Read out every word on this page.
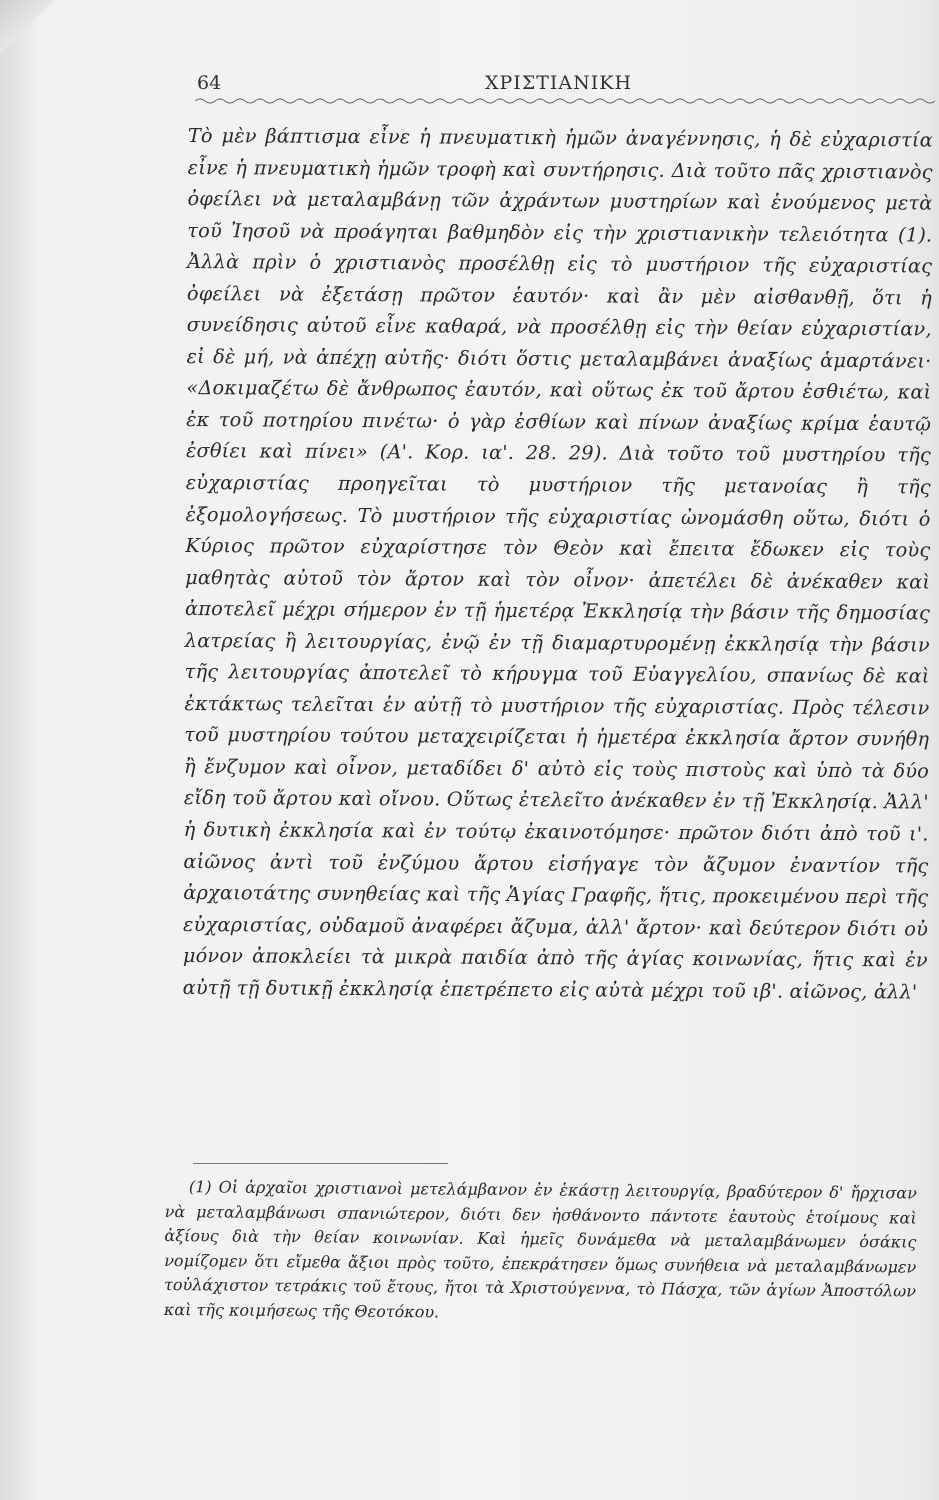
64	ΧΡΙΣΤΙΑΝΙΚΗ
Τὸ μὲν βάπτισμα εἶνε ἡ πνευματικὴ ἡμῶν ἀναγέννησις, ἡ δὲ εὐχαριστία εἶνε ἡ πνευματικὴ ἡμῶν τροφὴ καὶ συντήρησις. Διὰ τοῦτο πᾶς χριστιανὸς ὀφείλει νὰ μεταλαμβάνῃ τῶν ἀχράντων μυστηρίων καὶ ἑνούμενος μετὰ τοῦ Ἰησοῦ νὰ προάγηται βαθμηδὸν εἰς τὴν χριστιανικὴν τελειότητα (1). Ἀλλὰ πρὶν ὁ χριστιανὸς προσέλθῃ εἰς τὸ μυστήριον τῆς εὐχαριστίας ὀφείλει νὰ ἐξετάσῃ πρῶτον ἑαυτόν· καὶ ἂν μὲν αἰσθανθῇ, ὅτι ἡ συνείδησις αὐτοῦ εἶνε καθαρά, νὰ προσέλθῃ εἰς τὴν θείαν εὐχαριστίαν, εἰ δὲ μή, νὰ ἀπέχῃ αὐτῆς· διότι ὅστις μεταλαμβάνει ἀναξίως ἁμαρτάνει· «Δοκιμαζέτω δὲ ἄνθρωπος ἑαυτόν, καὶ οὕτως ἐκ τοῦ ἄρτου ἐσθιέτω, καὶ ἐκ τοῦ ποτηρίου πινέτω· ὁ γὰρ ἐσθίων καὶ πίνων ἀναξίως κρίμα ἑαυτῷ ἐσθίει καὶ πίνει» (Α'. Κορ. ια'. 28. 29). Διὰ τοῦτο τοῦ μυστηρίου τῆς εὐχαριστίας προηγεῖται τὸ μυστήριον τῆς μετανοίας ἢ τῆς ἐξομολογήσεως. Τὸ μυστήριον τῆς εὐχαριστίας ὠνομάσθη οὕτω, διότι ὁ Κύριος πρῶτον εὐχαρίστησε τὸν Θεὸν καὶ ἔπειτα ἔδωκεν εἰς τοὺς μαθητὰς αὐτοῦ τὸν ἄρτον καὶ τὸν οἶνον· ἀπετέλει δὲ ἀνέκαθεν καὶ ἀποτελεῖ μέχρι σήμερον ἐν τῇ ἡμετέρᾳ Ἐκκλησίᾳ τὴν βάσιν τῆς δημοσίας λατρείας ἢ λειτουργίας, ἐνῷ ἐν τῇ διαμαρτυρομένῃ ἐκκλησίᾳ τὴν βάσιν τῆς λειτουργίας ἀποτελεῖ τὸ κήρυγμα τοῦ Εὐαγγελίου, σπανίως δὲ καὶ ἐκτάκτως τελεῖται ἐν αὐτῇ τὸ μυστήριον τῆς εὐχαριστίας. Πρὸς τέλεσιν τοῦ μυστηρίου τούτου μεταχειρίζεται ἡ ἡμετέρα ἐκκλησία ἄρτον συνήθη ἢ ἔνζυμον καὶ οἶνον, μεταδίδει δ' αὐτὸ εἰς τοὺς πιστοὺς καὶ ὑπὸ τὰ δύο εἴδη τοῦ ἄρτου καὶ οἴνου. Οὕτως ἐτελεῖτο ἀνέκαθεν ἐν τῇ Ἐκκλησίᾳ. Ἀλλ' ἡ δυτικὴ ἐκκλησία καὶ ἐν τούτῳ ἐκαινοτόμησε· πρῶτον διότι ἀπὸ τοῦ ι'. αἰῶνος ἀντὶ τοῦ ἐνζύμου ἄρτου εἰσήγαγε τὸν ἄζυμον ἐναντίον τῆς ἀρχαιοτάτης συνηθείας καὶ τῆς Ἁγίας Γραφῆς, ἥτις, προκειμένου περὶ τῆς εὐχαριστίας, οὐδαμοῦ ἀναφέρει ἄζυμα, ἀλλ' ἄρτον· καὶ δεύτερον διότι οὐ μόνον ἀποκλείει τὰ μικρὰ παιδία ἀπὸ τῆς ἁγίας κοινωνίας, ἥτις καὶ ἐν αὐτῇ τῇ δυτικῇ ἐκκλησίᾳ ἐπετρέπετο εἰς αὐτὰ μέχρι τοῦ ιβ'. αἰῶνος, ἀλλ'
(1) Οἱ ἀρχαῖοι χριστιανοὶ μετελάμβανον ἐν ἑκάστῃ λειτουργίᾳ, βραδύτερον δ' ἤρχισαν νὰ μεταλαμβάνωσι σπανιώτερον, διότι δεν ἠσθάνοντο πάντοτε ἑαυτοὺς ἑτοίμους καὶ ἀξίους διὰ τὴν θείαν κοινωνίαν. Καὶ ἡμεῖς δυνάμεθα νὰ μεταλαμβάνωμεν ὁσάκις νομίζομεν ὅτι εἴμεθα ἄξιοι πρὸς τοῦτο, ἐπεκράτησεν ὅμως συνήθεια νὰ μεταλαμβάνωμεν τοὐλάχιστον τετράκις τοῦ ἔτους, ἤτοι τὰ Χριστούγεννα, τὸ Πάσχα, τῶν ἁγίων Ἀποστόλων καὶ τῆς κοιμήσεως τῆς Θεοτόκου.
